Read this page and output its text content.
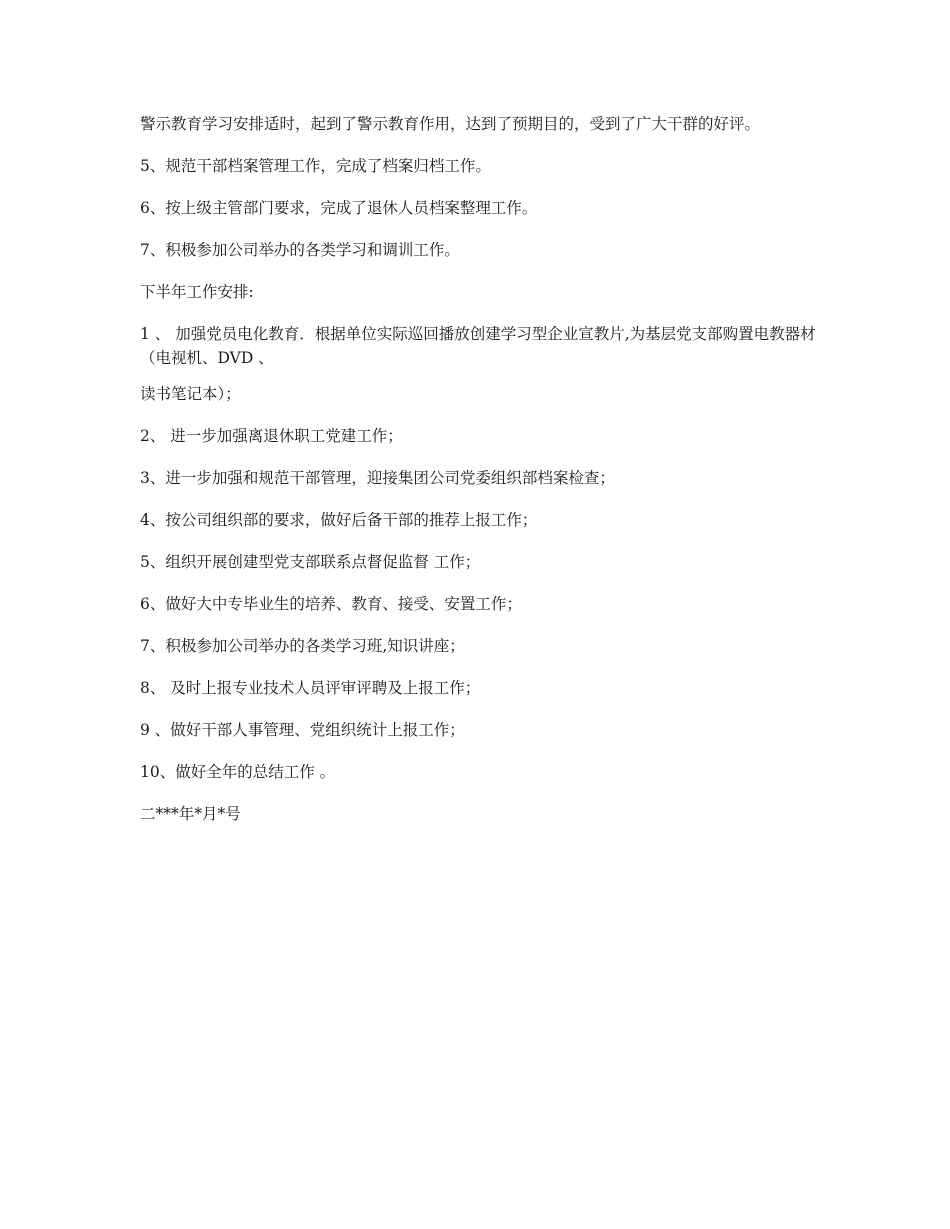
警示教育学习安排适时，起到了警示教育作用，达到了预期目的，受到了广大干群的好评。

5、规范干部档案管理工作，完成了档案归档工作。

6、按上级主管部门要求，完成了退休人员档案整理工作。

7、积极参加公司举办的各类学习和调训工作。

下半年工作安排:

1 、 加强党员电化教育．根据单位实际巡回播放创建学习型企业宣教片,为基层党支部购置电教器材（电视机、DVD 、

读书笔记本）；

2、 进一步加强离退休职工党建工作；

3、进一步加强和规范干部管理，迎接集团公司党委组织部档案检查；

4、按公司组织部的要求，做好后备干部的推荐上报工作；

5、组织开展创建型党支部联系点督促监督 工作；

6、做好大中专毕业生的培养、教育、接受、安置工作；

7、积极参加公司举办的各类学习班,知识讲座；

8、 及时上报专业技术人员评审评聘及上报工作；

9 、做好干部人事管理、党组织统计上报工作；

10、做好全年的总结工作 。

二***年*月*号
